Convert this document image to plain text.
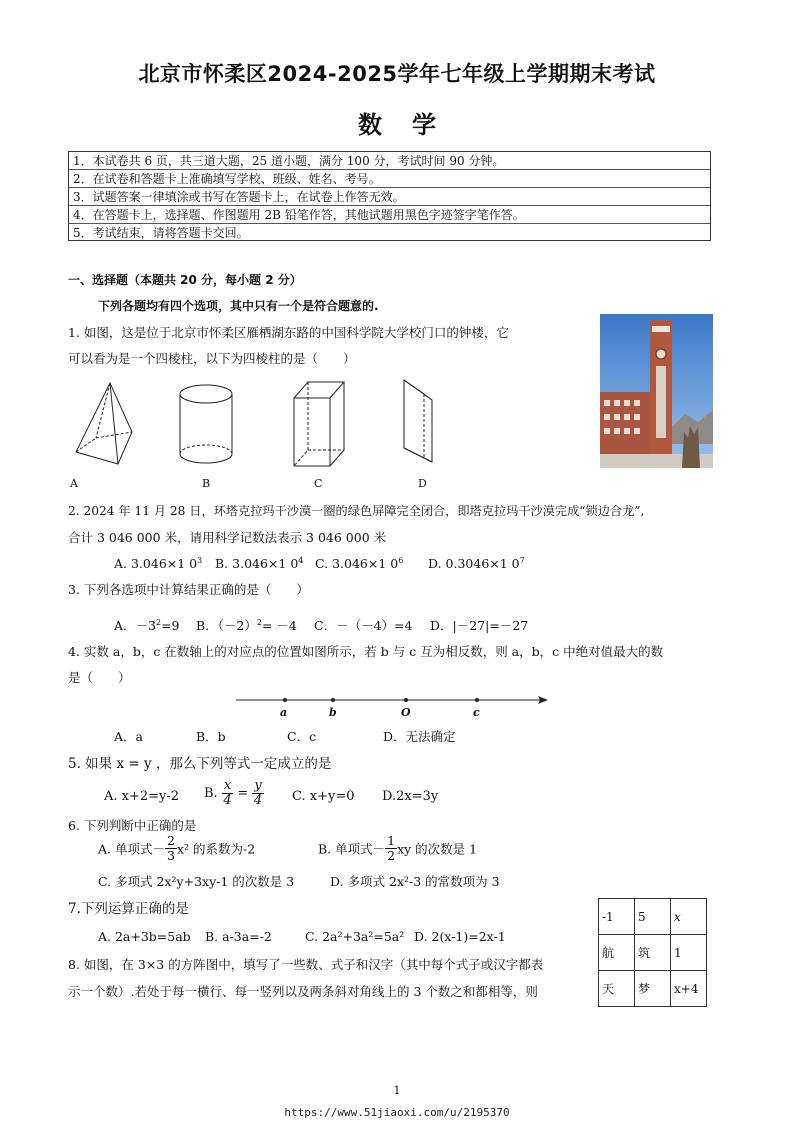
北京市怀柔区2024-2025学年七年级上学期期末考试
数学
1．本试卷共 6 页，共三道大题，25 道小题，满分 100 分，考试时间 90 分钟。
2．在试卷和答题卡上准确填写学校、班级、姓名、考号。
3．试题答案一律填涂或书写在答题卡上，在试卷上作答无效。
4．在答题卡上，选择题、作图题用 2B 铅笔作答，其他试题用黑色字迹签字笔作答。
5．考试结束，请将答题卡交回。
一、选择题（本题共 20 分，每小题 2 分）
下列各题均有四个选项，其中只有一个是符合题意的.
1. 如图，这是位于北京市怀柔区雁栖湖东路的中国科学院大学校门口的钟楼，它
可以看为是一个四棱柱，以下为四棱柱的是（　　）
A	B	C	D
2. 2024 年 11 月 28 日，环塔克拉玛干沙漠一圈的绿色屏障完全闭合，即塔克拉玛干沙漠完成“锁边合龙”,
合计 3 046 000 米，请用科学记数法表示 3 046 000 米
A. 3.046×1 $0^3$ B. 3.046×1 $0^4$ C. 3.046×1 $0^6$ D. 0.3046×1 $0^7$
3. 下列各选项中计算结果正确的是（　　）
A．$-3^2=9$ B．$(-2)^2= -4$ C．－（－4）=4 D．|－27|=－27
4. 实数 a，b，c 在数轴上的对应点的位置如图所示，若 b 与 c 互为相反数，则 a，b，c 中绝对值最大的数
是（　　）
a	b	O	c
A．a	B．b	C．c	D．无法确定
5. 如果 x = y ，那么下列等式一定成立的是
A. x+2=y-2 B. $\frac{x}{4} = \frac{y}{4} C$. x+y=0 D.2x=3y
6. 下列判断中正确的是
A. 单项式－ $\frac{2}{3} x^2$ 的系数为-2	B. 单项式－ $\frac{1}{2}$ xy 的次数是 1
C. 多项式 2x²y+3xy-1 的次数是 3	D. 多项式 2x²-3 的常数项为 3
7.下列运算正确的是
A. 2a+3b=5ab B. a-3a=-2	C. 2a²+3a²=5a² D. 2(x-1)=2x-1
8. 如图，在 3×3 的方阵图中，填写了一些数、式子和汉字（其中每个式子或汉字都表
示一个数）.若处于每一横行、每一竖列以及两条斜对角线上的 3 个数之和都相等，则
-1	5	x
航	筑	1
天	梦	x+4
1
https://www.51jiaoxi.com/u/2195370
